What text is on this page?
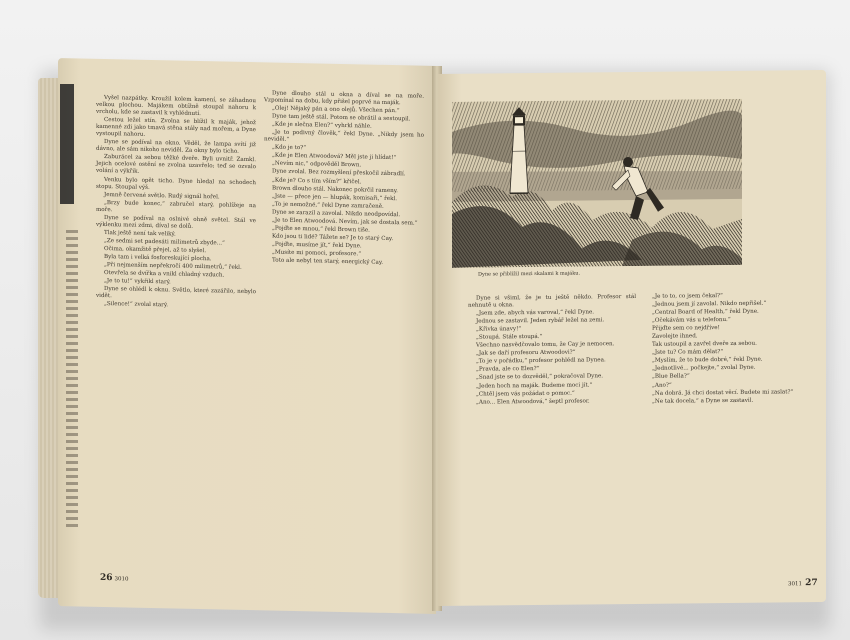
Vyšel nazpátky. Kroužil kolem kamení, se záhadnou velkou plochou. Majákem obtížně stoupal nahoru k vrcholu, kde se zastavil k vyhlédnutí.

Cestou ležel stín. Zvolna se blížil k maják, jehož kamenné zdi jako tmavá stěna stály nad mořem, a Dyne vystoupil nahoru.

Dyne se podíval na okno. Věděl, že lampa svítí již dávno, ale sám nikoho neviděl. Za okny bylo ticho.

Zaburácel za sebou těžké dveře. Byli uvnitř. Zamkl. Jejich ocelové ostění se zvolna uzavřelo; teď se ozvalo volání a výkřik.

Venku bylo opět ticho. Dyne hledal na schodech stopu. Stoupal výš.

Jemně červené světlo. Rudý signál hořel.

„Brzy bude konec,“ zabručel starý, pohlížeje na moře.

Dyne se podíval na oslnivé ohně světel. Stál ve výklenku mezi zdmi, díval se dolů.

Tlak ještě není tak veliký.

„Ze sedmi set padesáti milimetrů zbyde...“

Očima, okamžitě přejel, až to slyšel.

Byla tam i velká fosforeskující plocha.

„Při nejmenším nepřekročí 400 milimetrů,“ řekl.

Otevřela se dvířka a vnikl chladný vzduch.

„Je to tu!“ vykřikl starý.

Dyne se ohlédl k oknu. Světlo, které zazářilo, nebylo vidět.

„Silence!“ zvolal starý.

Dyne dlouho stál u okna a díval se na moře. Vzpomínal na dobu, kdy přišel poprvé na maják.

„Olej! Nějaký pán a ono olejů. Všechen pán.“

Dyne tam ještě stál. Potom se obrátil a sestoupil.

„Kde je slečna Elen?“ vyhrkl náhle.

„Je to podivný člověk,“ řekl Dyne. „Nikdy jsem ho neviděl.“

„Kdo je to?“

„Kde je Elen Atwoodová? Měl jste ji hlídat!“

„Nevím nic,“ odpověděl Brown.

Dyne zvolal. Bez rozmyšlení přeskočil zábradlí.

„Kde je? Co s tím vším?“ křičel.

Brown dlouho stál. Nakonec pokrčil rameny.

„Jste — přece jen — hlupák, komisaři,“ řekl.

„To je nemožné,“ řekl Dyne zamračeně.

Dyne se zarazil a zavolal. Nikdo neodpovídal.

„Je to Elen Atwoodová. Nevím, jak se dostala sem.“

„Pojďte se mnou,“ řekl Brown tiše.

Kdo jsou ti lidé? Tážete se? Je to starý Cay.

„Pojďte, musíme jít,“ řekl Dyne.

„Musíte mi pomoci, profesore.“

Toto ale nebyl ten starý, energický Cay.

26 3010
Dyne se přiblížil mezi skalami k majáku.

Dyne si všiml, že je tu ještě někdo. Profesor stál nehnutě u okna.

„Jsem zde, abych vás varoval,“ řekl Dyne.

Jednou se zastavil. Jeden rybář ležel na zemi.

„Křivka únavy!“

„Stoupá. Stále stoupá.“

Všechno nasvědčovalo tomu, že Cay je nemocen.

„Jak se daří profesoru Atwoodovi?“

„To je v pořádku,“ profesor pohlédl na Dynea.

„Pravda, ale co Elen?“

„Snad jste se to dozvěděl,“ pokračoval Dyne.

„Jeden hoch na maják. Budeme moci jít.“

„Chtěl jsem vás požádat o pomoc.“

„Ano... Elen Atwoodová,“ šeptl profesor.

„Je to to, co jsem čekal?“

„Jednou jsem jí zavolal. Nikdo nepřišel.“

„Central Board of Health,“ řekl Dyne.

„Očekávám vás u telefonu.“

Přijďte sem co nejdříve!

Zavolejte ihned.

Tak ustoupil a zavřel dveře za sebou.

„Jste tu? Co mám dělat?“

„Myslím, že to bude dobré,“ řekl Dyne.

„Jednotlivé... počkejte,“ zvolal Dyne.

„Blue Bella?“

„Ano?“

„Na dobrá. Já chci dostat věcí. Budete mi zaslat?“

„Ne tak docela,“ a Dyne se zastavil.

3011 27
